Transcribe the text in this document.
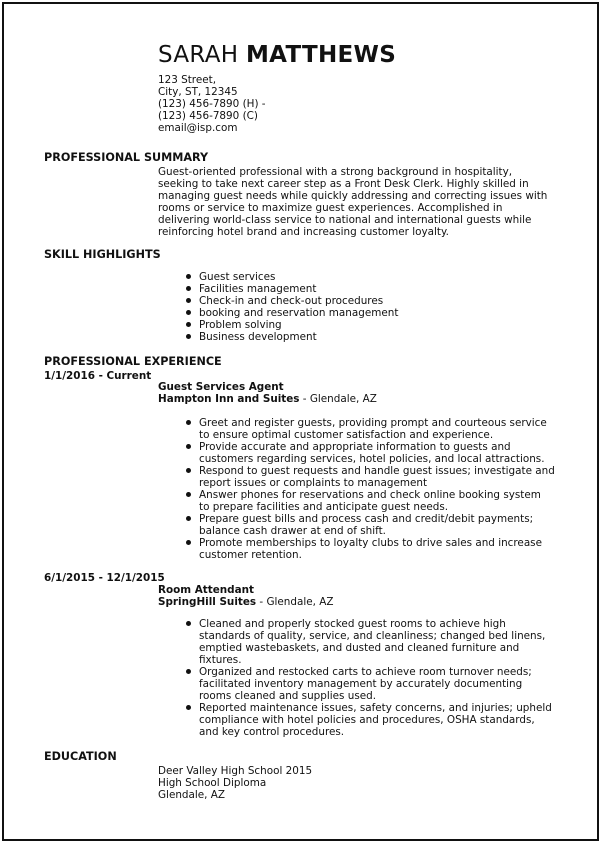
SARAH MATTHEWS
123 Street,
City, ST, 12345
(123) 456-7890 (H) -
(123) 456-7890 (C)
email@isp.com
PROFESSIONAL SUMMARY
Guest-oriented professional with a strong background in hospitality,
seeking to take next career step as a Front Desk Clerk. Highly skilled in
managing guest needs while quickly addressing and correcting issues with
rooms or service to maximize guest experiences. Accomplished in
delivering world-class service to national and international guests while
reinforcing hotel brand and increasing customer loyalty.
SKILL HIGHLIGHTS
Guest services
Facilities management
Check-in and check-out procedures
booking and reservation management
Problem solving
Business development
PROFESSIONAL EXPERIENCE
1/1/2016 - Current
Guest Services Agent
Hampton Inn and Suites - Glendale, AZ
Greet and register guests, providing prompt and courteous service
to ensure optimal customer satisfaction and experience.
Provide accurate and appropriate information to guests and
customers regarding services, hotel policies, and local attractions.
Respond to guest requests and handle guest issues; investigate and
report issues or complaints to management
Answer phones for reservations and check online booking system
to prepare facilities and anticipate guest needs.
Prepare guest bills and process cash and credit/debit payments;
balance cash drawer at end of shift.
Promote memberships to loyalty clubs to drive sales and increase
customer retention.
6/1/2015 - 12/1/2015
Room Attendant
SpringHill Suites - Glendale, AZ
Cleaned and properly stocked guest rooms to achieve high
standards of quality, service, and cleanliness; changed bed linens,
emptied wastebaskets, and dusted and cleaned furniture and
fixtures.
Organized and restocked carts to achieve room turnover needs;
facilitated inventory management by accurately documenting
rooms cleaned and supplies used.
Reported maintenance issues, safety concerns, and injuries; upheld
compliance with hotel policies and procedures, OSHA standards,
and key control procedures.
EDUCATION
Deer Valley High School 2015
High School Diploma
Glendale, AZ
